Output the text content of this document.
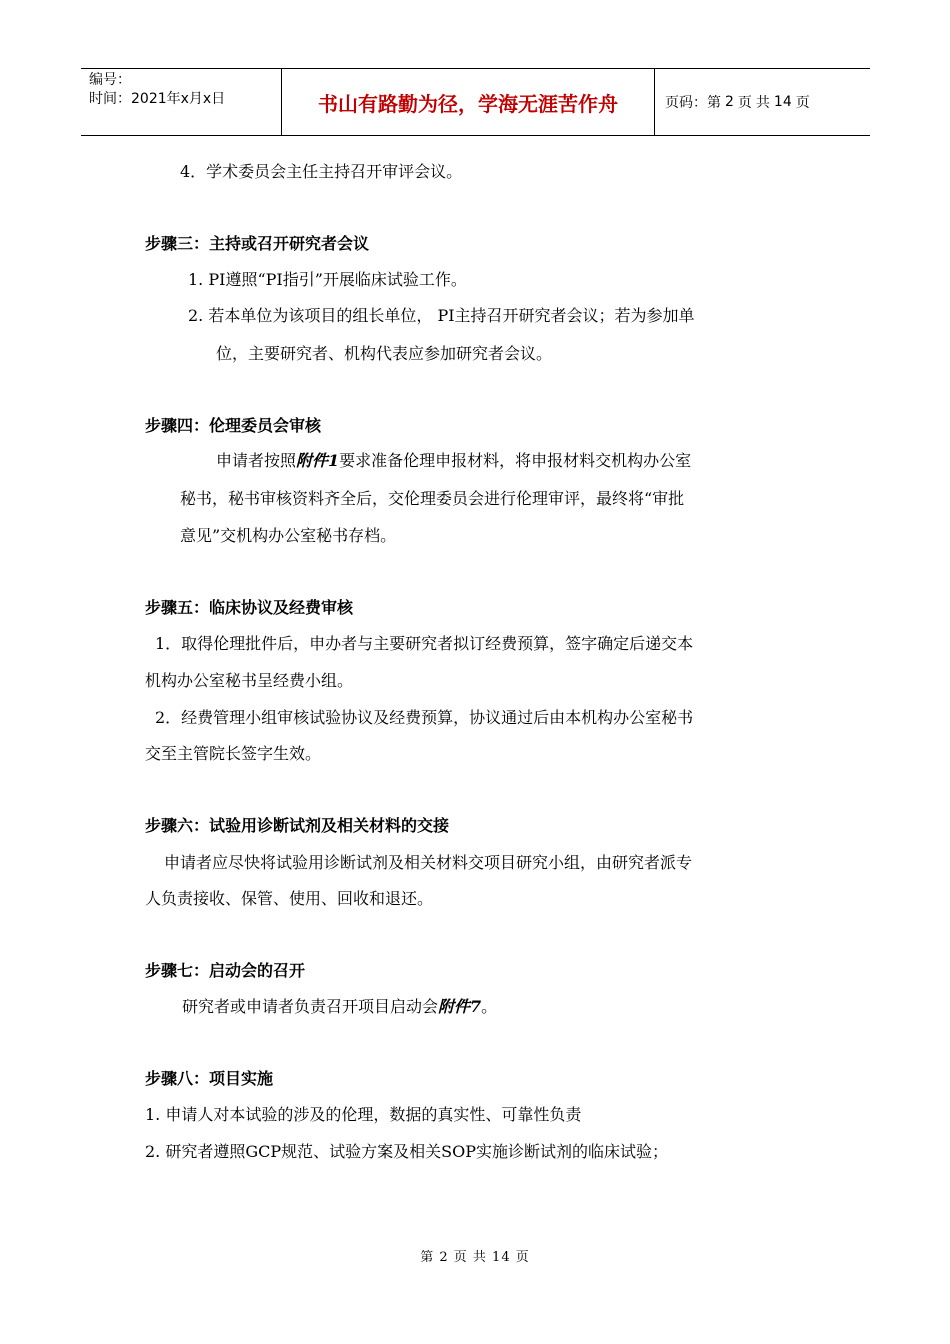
编号：
时间：2021年x月x日	书山有路勤为径，学海无涯苦作舟	页码：第 2 页 共 14 页
4．学术委员会主任主持召开审评会议。
步骤三：主持或召开研究者会议
1. PI遵照“PI指引”开展临床试验工作。
2. 若本单位为该项目的组长单位， PI主持召开研究者会议；若为参加单
位，主要研究者、机构代表应参加研究者会议。
步骤四：伦理委员会审核
申请者按照附件1要求准备伦理申报材料，将申报材料交机构办公室
秘书，秘书审核资料齐全后，交伦理委员会进行伦理审评，最终将“审批
意见”交机构办公室秘书存档。
步骤五：临床协议及经费审核
1．取得伦理批件后，申办者与主要研究者拟订经费预算，签字确定后递交本
机构办公室秘书呈经费小组。
2．经费管理小组审核试验协议及经费预算，协议通过后由本机构办公室秘书
交至主管院长签字生效。
步骤六：试验用诊断试剂及相关材料的交接
申请者应尽快将试验用诊断试剂及相关材料交项目研究小组，由研究者派专
人负责接收、保管、使用、回收和退还。
步骤七：启动会的召开
研究者或申请者负责召开项目启动会附件7。
步骤八：项目实施
1. 申请人对本试验的涉及的伦理，数据的真实性、可靠性负责
2. 研究者遵照GCP规范、试验方案及相关SOP实施诊断试剂的临床试验；
第 2 页 共 14 页
